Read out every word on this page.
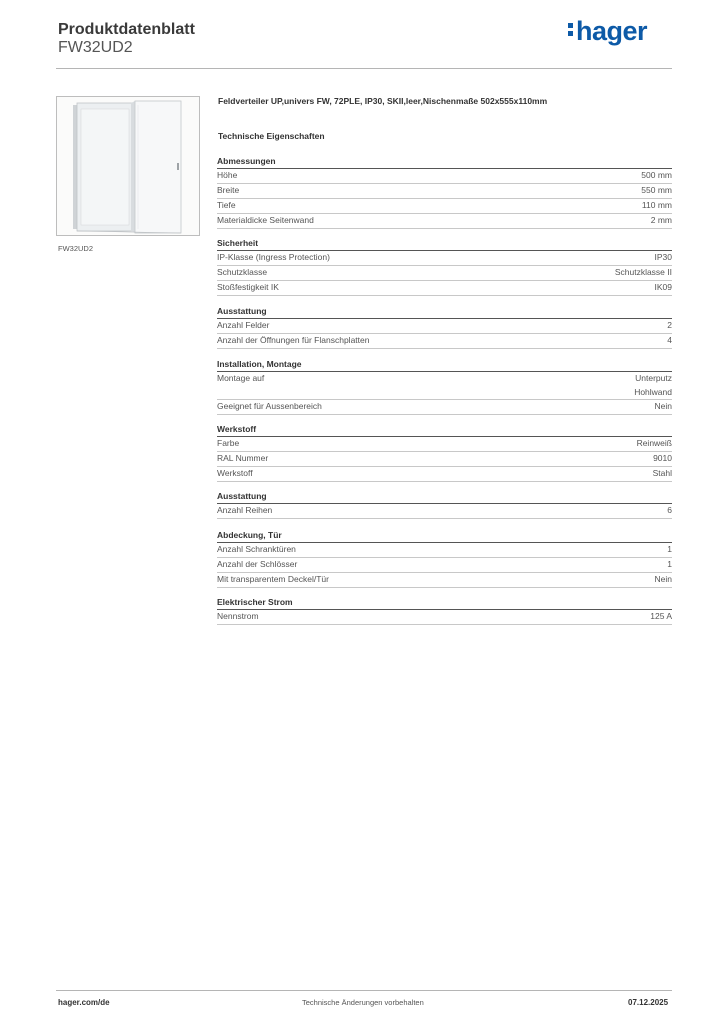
Produktdatenblatt
FW32UD2
hager
FW32UD2
Feldverteiler UP,univers FW, 72PLE, IP30, SKII,leer,Nischenmaße 502x555x110mm
Technische Eigenschaften
Abmessungen
Höhe	500 mm
Breite	550 mm
Tiefe	110 mm
Materialdicke Seitenwand	2 mm
Sicherheit
IP-Klasse (Ingress Protection)	IP30
Schutzklasse	Schutzklasse II
Stoßfestigkeit IK	IK09
Ausstattung
Anzahl Felder	2
Anzahl der Öffnungen für Flanschplatten	4
Installation, Montage
Montage auf	Unterputz
Hohlwand
Geeignet für Aussenbereich	Nein
Werkstoff
Farbe	Reinweiß
RAL Nummer	9010
Werkstoff	Stahl
Ausstattung
Anzahl Reihen	6
Abdeckung, Tür
Anzahl Schranktüren	1
Anzahl der Schlösser	1
Mit transparentem Deckel/Tür	Nein
Elektrischer Strom
Nennstrom	125 A
hager.com/de	Technische Änderungen vorbehalten	07.12.2025
